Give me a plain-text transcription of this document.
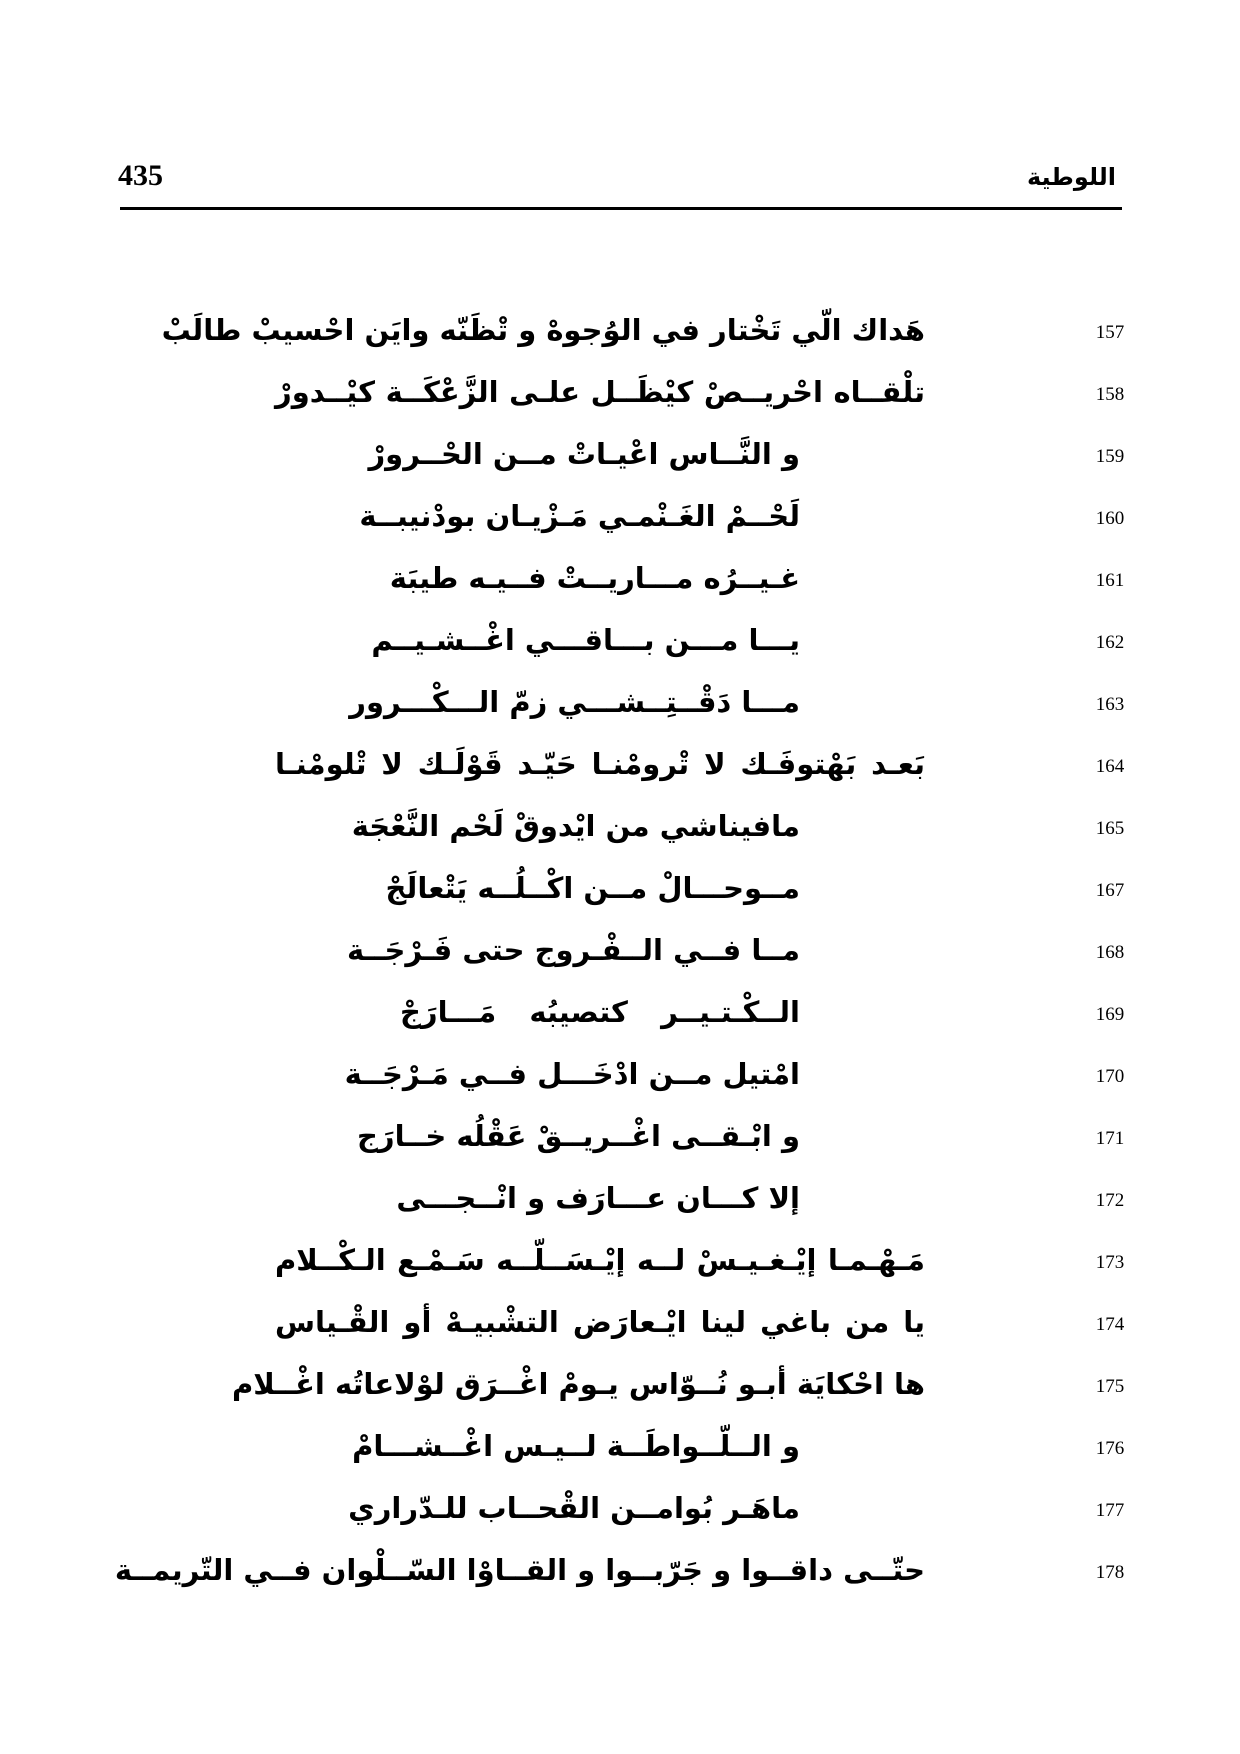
435	اللوطية
هَداك الّي تَخْتار في الوُجوهْ و تْظَنّه وايَن احْسيبْ طالَبْ	157
تلْقــاه احْريــصْ كيْظَــل علـى الزَّعْكَــة كيْــدورْ	158
و النَّــاس اعْيـاتْ مــن الحْــرورْ	159
لَحْــمْ الغَـنْمـي مَـزْيـان بودْنيبــة	160
غـيــرُه مـــاريــتْ فــيـه طيبَة	161
يـــا مـــن بـــاقـــي اغْــشـيــم	162
مـــا دَقْــتِــشـــي زمّ الـــكْـــرور	163
بَعـد بَهْتوفَـك لا تْرومْنـا حَيّـد قَوْلَـك لا تْلومْنـا	164
مافيناشي من ايْدوقْ لَحْم النَّعْجَة	165
مــوحـــالْ مــن اكْــلُــه يَتْعالَجْ	167
مــا فــي الــفْـروج حتى فَـرْجَــة	168
الــكْـتـيــر كتصيبُه مَـــارَجْ	169
امْتيل مــن ادْخَـــل فــي مَـرْجَــة	170
و ابْـقــى اغْــريــقْ عَقْلُه خــارَج	171
إلا كـــان عـــارَف و انْــجـــى	172
مَـهْـمـا إيْـغـيـسْ لــه إيْـسَــلّــه سَـمْـع الـكْــلام	173
يا من باغي لينا ايْـعارَض التشْبيـهْ أو القْـياس	174
ها احْكايَة أبـو نُــوّاس يـومْ اغْــرَق لوْلاعاتُه اغْــلام	175
و الــلّــواطَــة لــيـس اغْــشـــامْ	176
ماهَـر بُوامــن القْحــاب للـدّراري	177
حتّــى داقــوا و جَرّبــوا و القــاوْا السّــلْوان فــي التّريمــة	178
